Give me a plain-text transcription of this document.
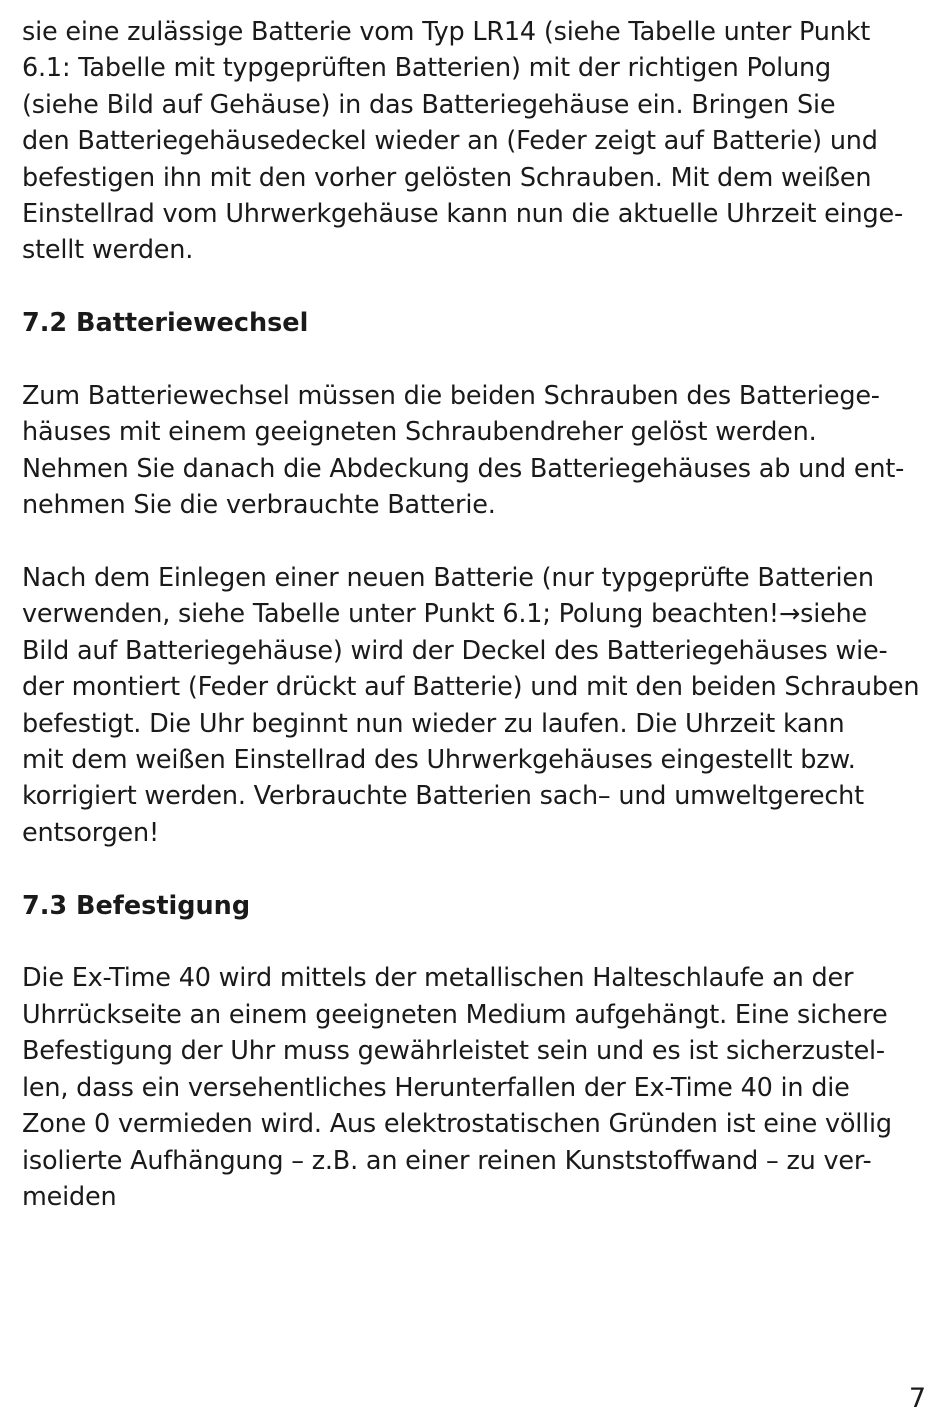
sie eine zulässige Batterie vom Typ LR14 (siehe Tabelle unter Punkt
6.1: Tabelle mit typgeprüften Batterien) mit der richtigen Polung
(siehe Bild auf Gehäuse) in das Batteriegehäuse ein. Bringen Sie
den Batteriegehäusedeckel wieder an (Feder zeigt auf Batterie) und
befestigen ihn mit den vorher gelösten Schrauben. Mit dem weißen
Einstellrad vom Uhrwerkgehäuse kann nun die aktuelle Uhrzeit einge-
stellt werden.
7.2 Batteriewechsel
Zum Batteriewechsel müssen die beiden Schrauben des Batteriege-
häuses mit einem geeigneten Schraubendreher gelöst werden.
Nehmen Sie danach die Abdeckung des Batteriegehäuses ab und ent-
nehmen Sie die verbrauchte Batterie.
Nach dem Einlegen einer neuen Batterie (nur typgeprüfte Batterien
verwenden, siehe Tabelle unter Punkt 6.1; Polung beachten!→siehe
Bild auf Batteriegehäuse) wird der Deckel des Batteriegehäuses wie-
der montiert (Feder drückt auf Batterie) und mit den beiden Schrauben
befestigt. Die Uhr beginnt nun wieder zu laufen. Die Uhrzeit kann
mit dem weißen Einstellrad des Uhrwerkgehäuses eingestellt bzw.
korrigiert werden. Verbrauchte Batterien sach– und umweltgerecht
entsorgen!
7.3 Befestigung
Die Ex-Time 40 wird mittels der metallischen Halteschlaufe an der
Uhrrückseite an einem geeigneten Medium aufgehängt. Eine sichere
Befestigung der Uhr muss gewährleistet sein und es ist sicherzustel-
len, dass ein versehentliches Herunterfallen der Ex-Time 40 in die
Zone 0 vermieden wird. Aus elektrostatischen Gründen ist eine völlig
isolierte Aufhängung – z.B. an einer reinen Kunststoffwand – zu ver-
meiden
7
